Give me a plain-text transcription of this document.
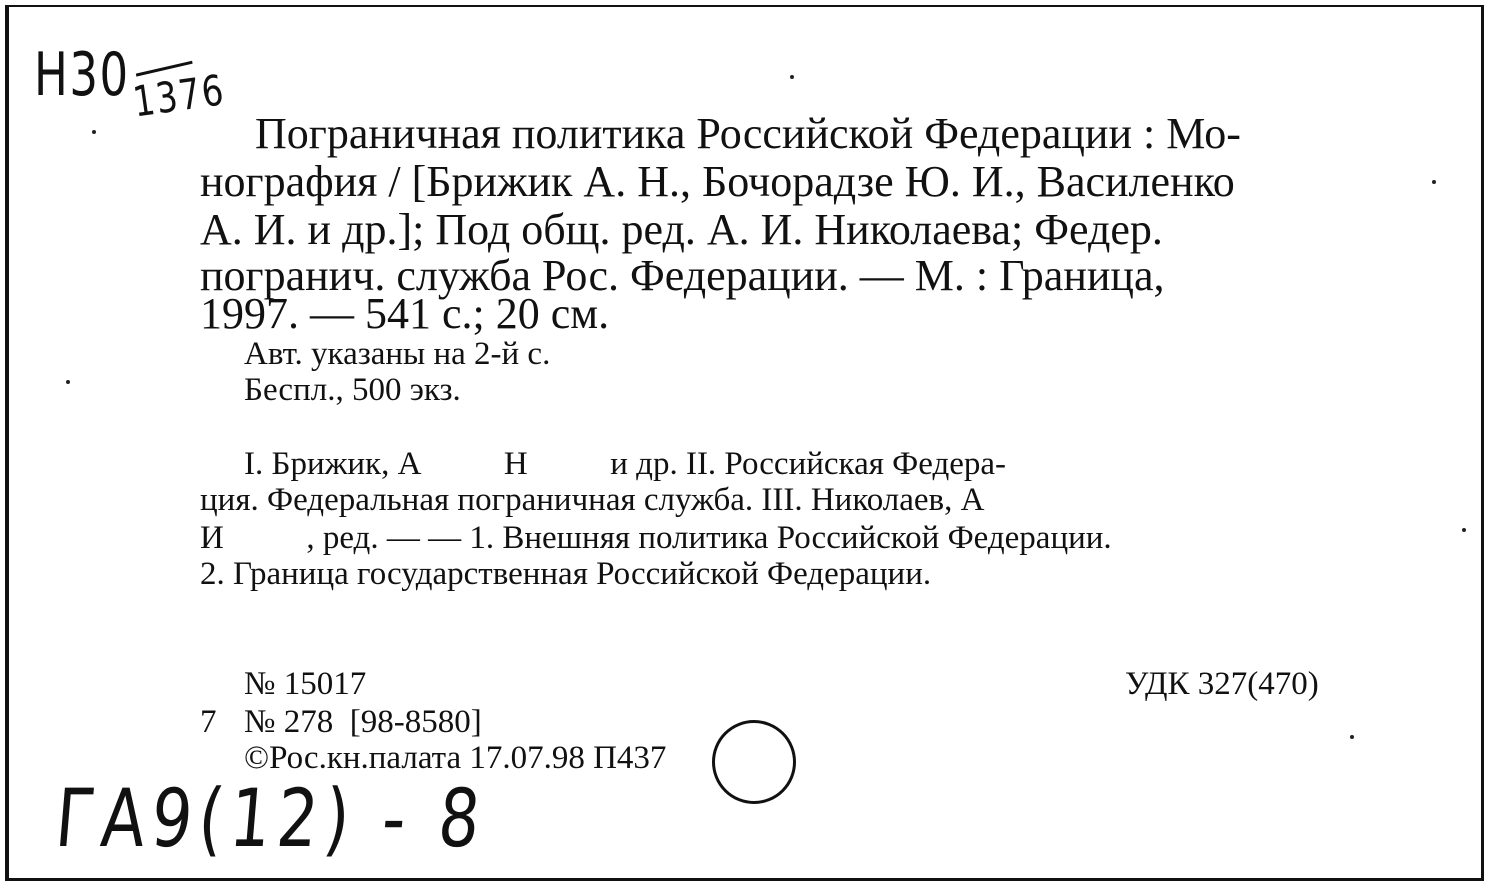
Н30 1376
Пограничная политика Российской Федерации : Мо-
нография / [Брижик А. Н., Бочорадзе Ю. И., Василенко
А. И. и др.]; Под общ. ред. А. И. Николаева; Федер.
погранич. служба Рос. Федерации. — М. : Граница,
1997. — 541 с.; 20 см.
Авт. указаны на 2-й с.
Беспл., 500 экз.
I. Брижик, А          Н          и др. II. Российская Федера-
ция. Федеральная пограничная служба. III. Николаев, А
И          , ред. — — 1. Внешняя политика Российской Федерации.
2. Граница государственная Российской Федерации.
№ 15017	УДК 327(470)
7 № 278  [98-8580]
©Рос.кн.палата 17.07.98 П437
ГА9(12) - 8
